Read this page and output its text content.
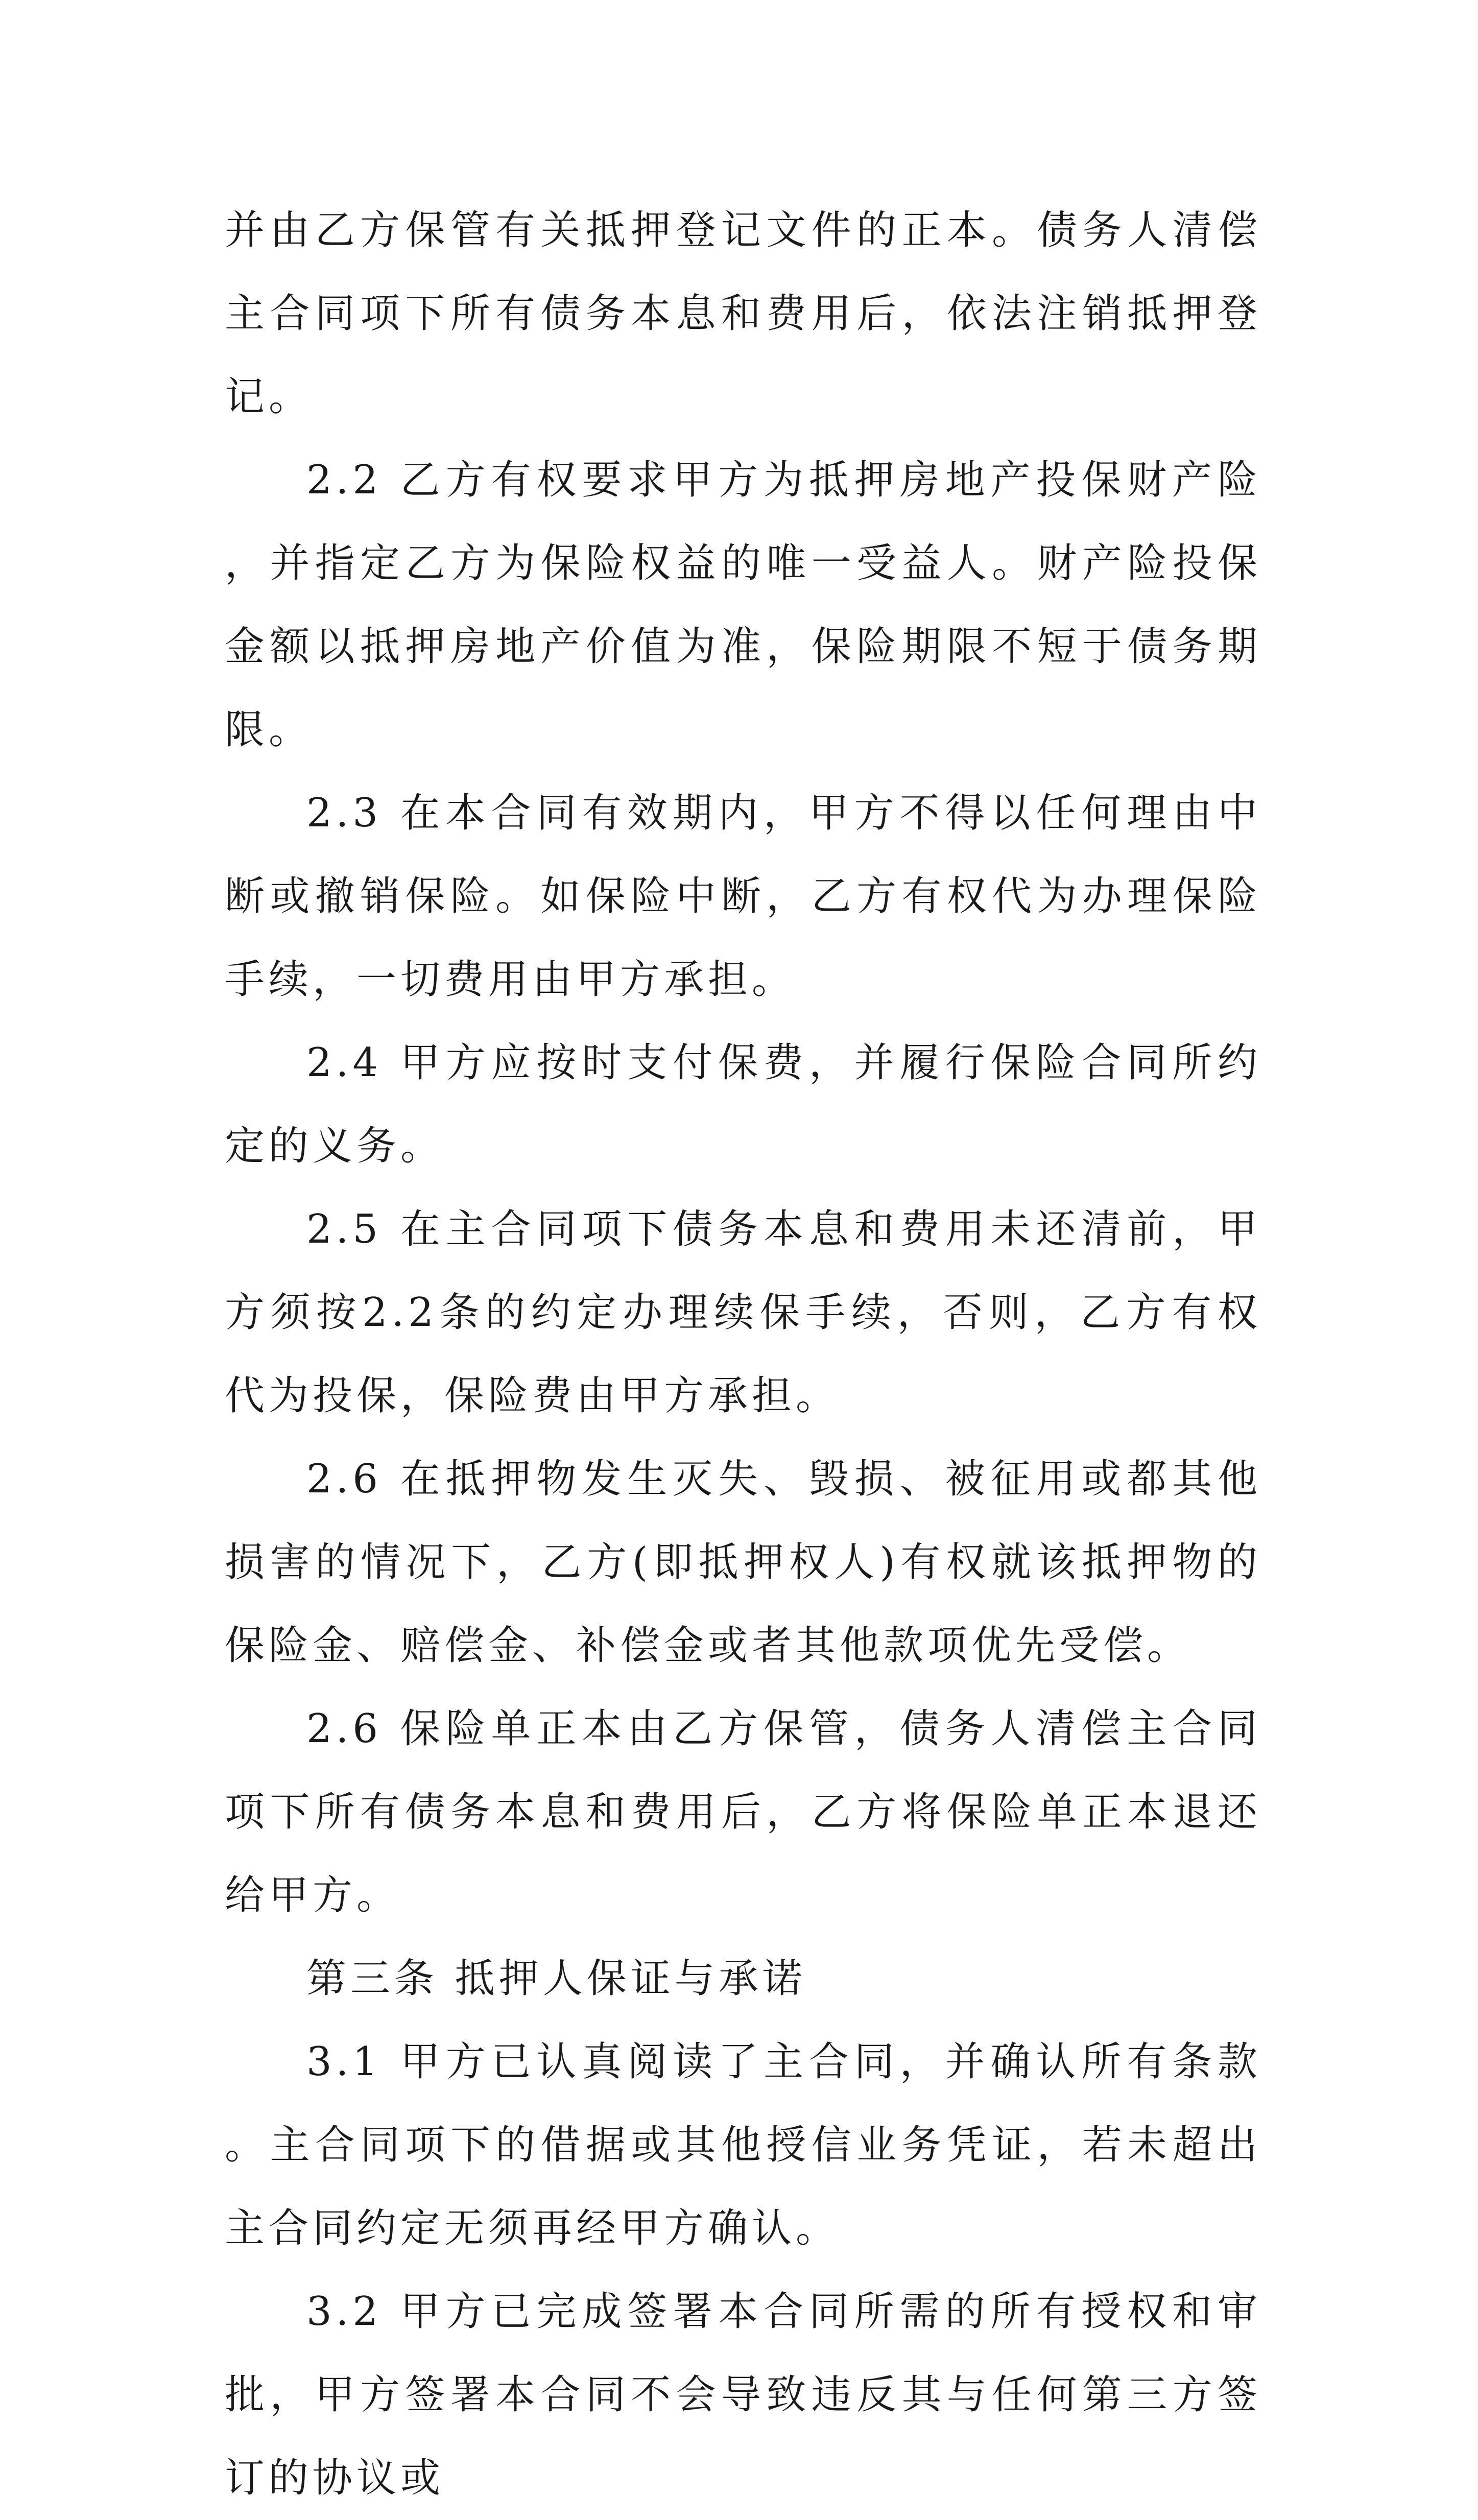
并由乙方保管有关抵押登记文件的正本。债务人清偿主合同项下所有债务本息和费用后，依法注销抵押登记。

2.2 乙方有权要求甲方为抵押房地产投保财产险，并指定乙方为保险权益的唯一受益人。财产险投保金额以抵押房地产价值为准，保险期限不短于债务期限。

2.3 在本合同有效期内，甲方不得以任何理由中断或撤销保险。如保险中断，乙方有权代为办理保险手续，一切费用由甲方承担。

2.4 甲方应按时支付保费，并履行保险合同所约定的义务。

2.5 在主合同项下债务本息和费用未还清前，甲方须按2.2条的约定办理续保手续，否则，乙方有权代为投保，保险费由甲方承担。

2.6 在抵押物发生灭失、毁损、被征用或都其他损害的情况下，乙方(即抵押权人)有权就该抵押物的保险金、赔偿金、补偿金或者其他款项优先受偿。

2.6 保险单正本由乙方保管，债务人清偿主合同项下所有债务本息和费用后，乙方将保险单正本退还给甲方。

第三条 抵押人保证与承诺

3.1 甲方已认真阅读了主合同，并确认所有条款。主合同项下的借据或其他授信业务凭证，若未超出主合同约定无须再经甲方确认。

3.2 甲方已完成签署本合同所需的所有授权和审批，甲方签署本合同不会导致违反其与任何第三方签订的协议或
